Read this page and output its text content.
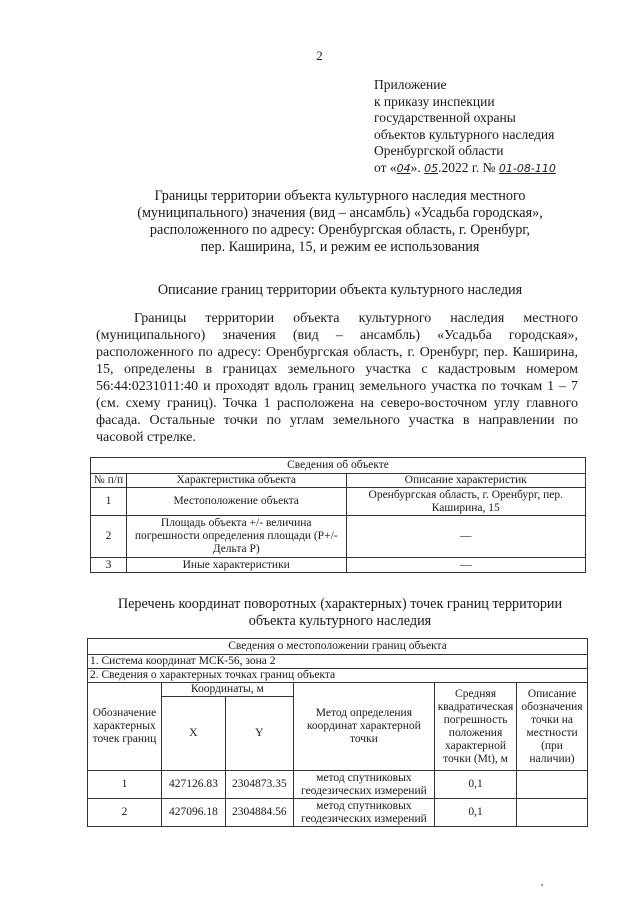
2
Приложение
к приказу инспекции
государственной охраны
объектов культурного наследия
Оренбургской области
от «04». 05.2022 г. № 01-08-110
Границы территории объекта культурного наследия местного
(муниципального) значения (вид – ансамбль) «Усадьба городская»,
расположенного по адресу: Оренбургская область, г. Оренбург,
пер. Каширина, 15, и режим ее использования
Описание границ территории объекта культурного наследия

Границы территории объекта культурного наследия местного (муниципального) значения (вид – ансамбль) «Усадьба городская», расположенного по адресу: Оренбургская область, г. Оренбург, пер. Каширина, 15, определены в границах земельного участка с кадастровым номером 56:44:0231011:40 и проходят вдоль границ земельного участка по точкам 1 – 7 (см. схему границ). Точка 1 расположена на северо-восточном углу главного фасада. Остальные точки по углам земельного участка в направлении по часовой стрелке.

Сведения об объекте		
№ п/п	Характеристика объекта	Описание характеристик
1	Местоположение объекта	Оренбургская область, г. Оренбург, пер. Каширина, 15
2	Площадь объекта +/- величина погрешности определения площади (Р+/- Дельта Р)	—
3	Иные характеристики	—
Перечень координат поворотных (характерных) точек границ территории
объекта культурного наследия
Сведения о местоположении границ объекта					
1. Система координат МСК-56, зона 2					
2. Сведения о характерных точках границ объекта					
Обозначение характерных точек границ	Координаты, м		Метод определения координат характерной точки	Средняя квадратическая погрешность положения характерной точки (Mt), м	Описание обозначения точки на местности (при наличии)
	X	Y			
1	427126.83	2304873.35	метод спутниковых геодезических измерений	0,1	
2	427096.18	2304884.56	метод спутниковых геодезических измерений	0,1	
